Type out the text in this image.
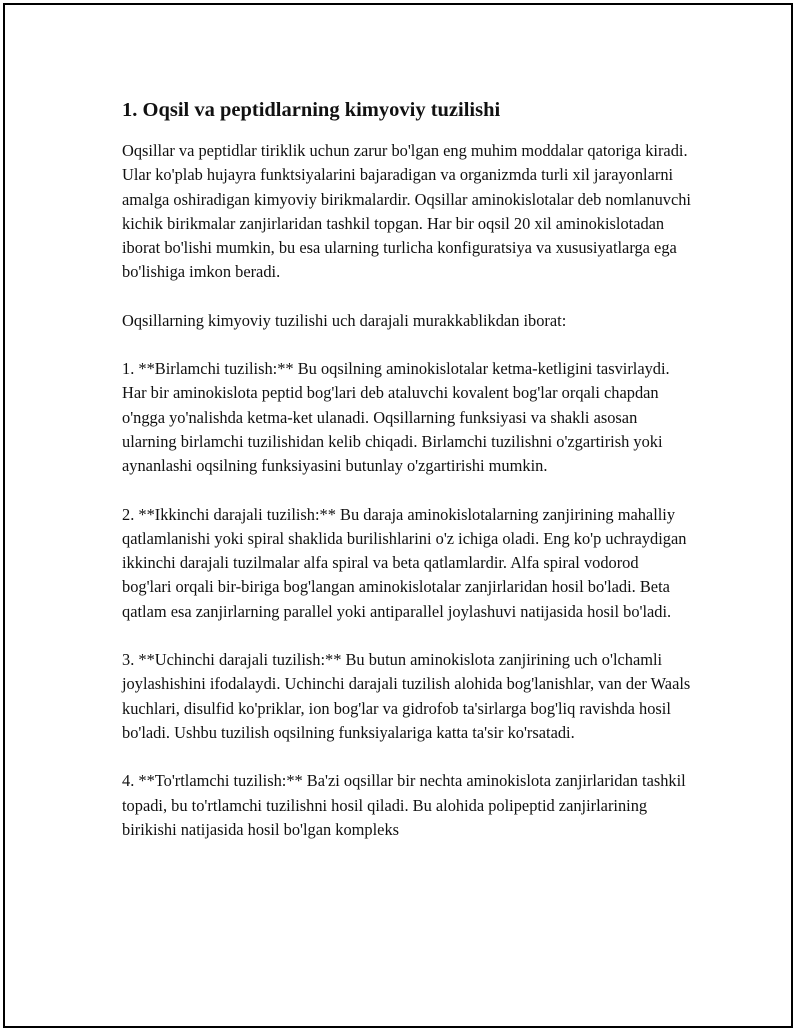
1. Oqsil va peptidlarning kimyoviy tuzilishi

Oqsillar va peptidlar tiriklik uchun zarur bo'lgan eng muhim moddalar qatoriga kiradi. Ular ko'plab hujayra funktsiyalarini bajaradigan va organizmda turli xil jarayonlarni amalga oshiradigan kimyoviy birikmalardir. Oqsillar aminokislotalar deb nomlanuvchi kichik birikmalar zanjirlaridan tashkil topgan. Har bir oqsil 20 xil aminokislotadan iborat bo'lishi mumkin, bu esa ularning turlicha konfiguratsiya va xususiyatlarga ega bo'lishiga imkon beradi.

Oqsillarning kimyoviy tuzilishi uch darajali murakkablikdan iborat:

1. **Birlamchi tuzilish:** Bu oqsilning aminokislotalar ketma-ketligini tasvirlaydi. Har bir aminokislota peptid bog'lari deb ataluvchi kovalent bog'lar orqali chapdan o'ngga yo'nalishda ketma-ket ulanadi. Oqsillarning funksiyasi va shakli asosan ularning birlamchi tuzilishidan kelib chiqadi. Birlamchi tuzilishni o'zgartirish yoki aynanlashi oqsilning funksiyasini butunlay o'zgartirishi mumkin.

2. **Ikkinchi darajali tuzilish:** Bu daraja aminokislotalarning zanjirining mahalliy qatlamlanishi yoki spiral shaklida burilishlarini o'z ichiga oladi. Eng ko'p uchraydigan ikkinchi darajali tuzilmalar alfa spiral va beta qatlamlardir. Alfa spiral vodorod bog'lari orqali bir-biriga bog'langan aminokislotalar zanjirlaridan hosil bo'ladi. Beta qatlam esa zanjirlarning parallel yoki antiparallel joylashuvi natijasida hosil bo'ladi.

3. **Uchinchi darajali tuzilish:** Bu butun aminokislota zanjirining uch o'lchamli joylashishini ifodalaydi. Uchinchi darajali tuzilish alohida bog'lanishlar, van der Waals kuchlari, disulfid ko'priklar, ion bog'lar va gidrofob ta'sirlarga bog'liq ravishda hosil bo'ladi. Ushbu tuzilish oqsilning funksiyalariga katta ta'sir ko'rsatadi.

4. **To'rtlamchi tuzilish:** Ba'zi oqsillar bir nechta aminokislota zanjirlaridan tashkil topadi, bu to'rtlamchi tuzilishni hosil qiladi. Bu alohida polipeptid zanjirlarining birikishi natijasida hosil bo'lgan kompleks
